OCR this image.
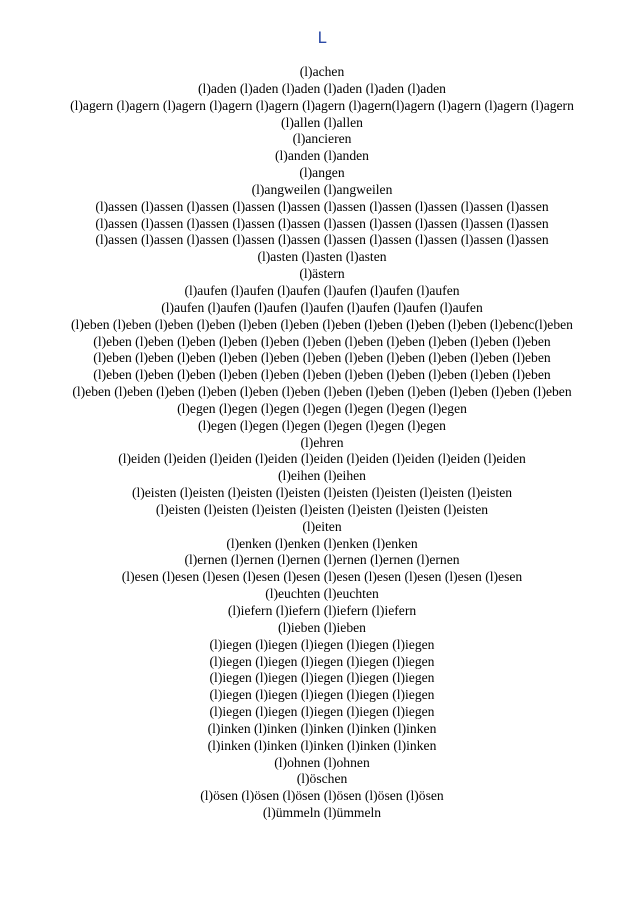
L
(l)achen
(l)aden (l)aden (l)aden (l)aden (l)aden (l)aden
(l)agern (l)agern (l)agern (l)agern (l)agern (l)agern (l)agern(l)agern (l)agern (l)agern (l)agern
(l)allen (l)allen
(l)ancieren
(l)anden (l)anden
(l)angen
(l)angweilen (l)angweilen
(l)assen (l)assen (l)assen (l)assen (l)assen (l)assen (l)assen (l)assen (l)assen (l)assen
(l)assen (l)assen (l)assen (l)assen (l)assen (l)assen (l)assen (l)assen (l)assen (l)assen
(l)assen (l)assen (l)assen (l)assen (l)assen (l)assen (l)assen (l)assen (l)assen (l)assen
(l)asten (l)asten (l)asten
(l)ästern
(l)aufen (l)aufen (l)aufen (l)aufen (l)aufen (l)aufen
(l)aufen (l)aufen (l)aufen (l)aufen (l)aufen (l)aufen (l)aufen
(l)eben (l)eben (l)eben (l)eben (l)eben (l)eben (l)eben (l)eben (l)eben (l)eben (l)ebenc(l)eben
(l)eben (l)eben (l)eben (l)eben (l)eben (l)eben (l)eben (l)eben (l)eben (l)eben (l)eben
(l)eben (l)eben (l)eben (l)eben (l)eben (l)eben (l)eben (l)eben (l)eben (l)eben (l)eben
(l)eben (l)eben (l)eben (l)eben (l)eben (l)eben (l)eben (l)eben (l)eben (l)eben (l)eben
(l)eben (l)eben (l)eben (l)eben (l)eben (l)eben (l)eben (l)eben (l)eben (l)eben (l)eben (l)eben
(l)egen (l)egen (l)egen (l)egen (l)egen (l)egen (l)egen
(l)egen (l)egen (l)egen (l)egen (l)egen (l)egen
(l)ehren
(l)eiden (l)eiden (l)eiden (l)eiden (l)eiden (l)eiden (l)eiden (l)eiden (l)eiden
(l)eihen (l)eihen
(l)eisten (l)eisten (l)eisten (l)eisten (l)eisten (l)eisten (l)eisten (l)eisten
(l)eisten (l)eisten (l)eisten (l)eisten (l)eisten (l)eisten (l)eisten
(l)eiten
(l)enken (l)enken (l)enken (l)enken
(l)ernen (l)ernen (l)ernen (l)ernen (l)ernen (l)ernen
(l)esen (l)esen (l)esen (l)esen (l)esen (l)esen (l)esen (l)esen (l)esen (l)esen
(l)euchten (l)euchten
(l)iefern (l)iefern (l)iefern (l)iefern
(l)ieben (l)ieben
(l)iegen (l)iegen (l)iegen (l)iegen (l)iegen
(l)iegen (l)iegen (l)iegen (l)iegen (l)iegen
(l)iegen (l)iegen (l)iegen (l)iegen (l)iegen
(l)iegen (l)iegen (l)iegen (l)iegen (l)iegen
(l)iegen (l)iegen (l)iegen (l)iegen (l)iegen
(l)inken (l)inken (l)inken (l)inken (l)inken
(l)inken (l)inken (l)inken (l)inken (l)inken
(l)ohnen (l)ohnen
(l)öschen
(l)ösen (l)ösen (l)ösen (l)ösen (l)ösen (l)ösen
(l)ümmeln (l)ümmeln
